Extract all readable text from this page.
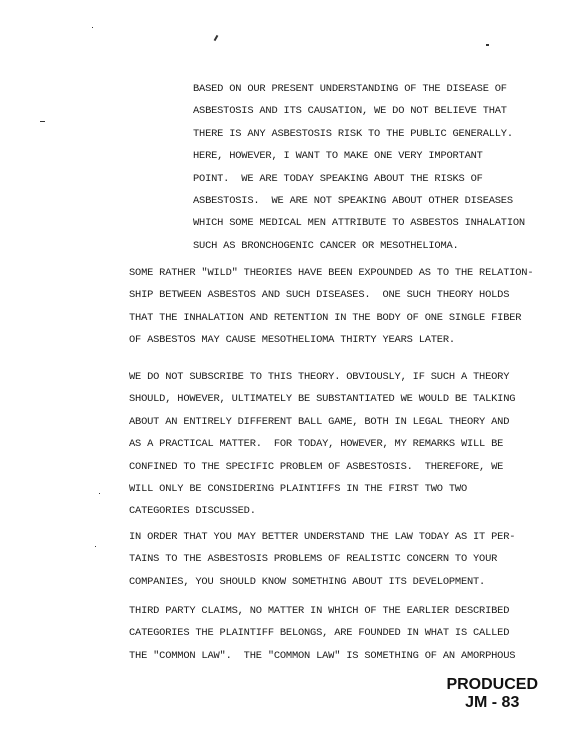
BASED ON OUR PRESENT UNDERSTANDING OF THE DISEASE OF
ASBESTOSIS AND ITS CAUSATION, WE DO NOT BELIEVE THAT
THERE IS ANY ASBESTOSIS RISK TO THE PUBLIC GENERALLY.
HERE, HOWEVER, I WANT TO MAKE ONE VERY IMPORTANT
POINT.  WE ARE TODAY SPEAKING ABOUT THE RISKS OF
ASBESTOSIS.  WE ARE NOT SPEAKING ABOUT OTHER DISEASES
WHICH SOME MEDICAL MEN ATTRIBUTE TO ASBESTOS INHALATION
SUCH AS BRONCHOGENIC CANCER OR MESOTHELIOMA.
SOME RATHER "WILD" THEORIES HAVE BEEN EXPOUNDED AS TO THE RELATION-
SHIP BETWEEN ASBESTOS AND SUCH DISEASES.  ONE SUCH THEORY HOLDS
THAT THE INHALATION AND RETENTION IN THE BODY OF ONE SINGLE FIBER
OF ASBESTOS MAY CAUSE MESOTHELIOMA THIRTY YEARS LATER.
WE DO NOT SUBSCRIBE TO THIS THEORY. OBVIOUSLY, IF SUCH A THEORY
SHOULD, HOWEVER, ULTIMATELY BE SUBSTANTIATED WE WOULD BE TALKING
ABOUT AN ENTIRELY DIFFERENT BALL GAME, BOTH IN LEGAL THEORY AND
AS A PRACTICAL MATTER.  FOR TODAY, HOWEVER, MY REMARKS WILL BE
CONFINED TO THE SPECIFIC PROBLEM OF ASBESTOSIS.  THEREFORE, WE
WILL ONLY BE CONSIDERING PLAINTIFFS IN THE FIRST TWO TWO
CATEGORIES DISCUSSED.
IN ORDER THAT YOU MAY BETTER UNDERSTAND THE LAW TODAY AS IT PER-
TAINS TO THE ASBESTOSIS PROBLEMS OF REALISTIC CONCERN TO YOUR
COMPANIES, YOU SHOULD KNOW SOMETHING ABOUT ITS DEVELOPMENT.
THIRD PARTY CLAIMS, NO MATTER IN WHICH OF THE EARLIER DESCRIBED
CATEGORIES THE PLAINTIFF BELONGS, ARE FOUNDED IN WHAT IS CALLED
THE "COMMON LAW".  THE "COMMON LAW" IS SOMETHING OF AN AMORPHOUS
PRODUCED
JM - 83
